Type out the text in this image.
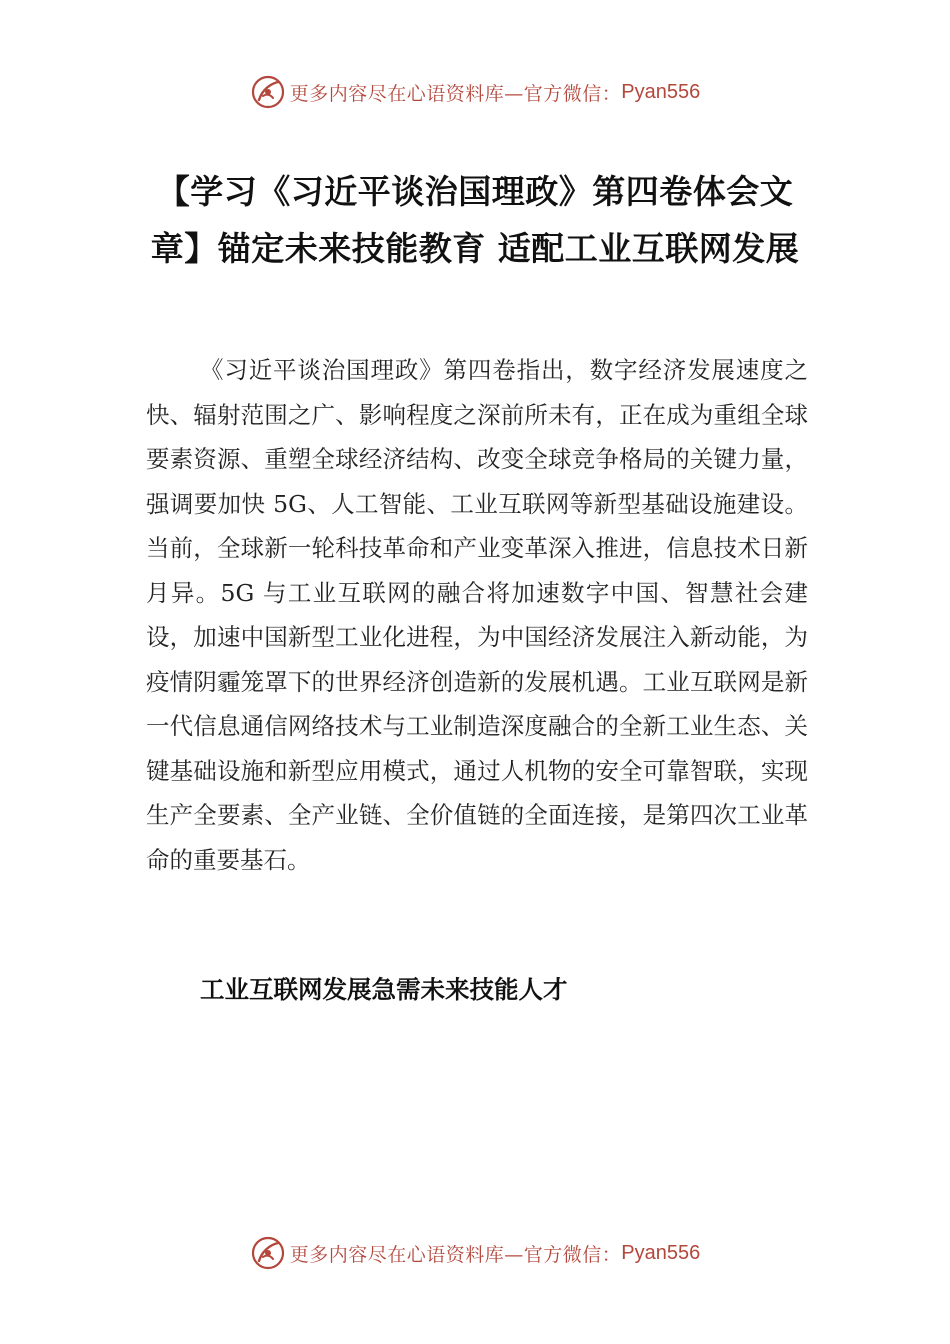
更多内容尽在心语资料库—官方微信： Pyan556
【学习《习近平谈治国理政》第四卷体会文章】锚定未来技能教育 适配工业互联网发展

《习近平谈治国理政》第四卷指出，数字经济发展速度之快、辐射范围之广、影响程度之深前所未有，正在成为重组全球要素资源、重塑全球经济结构、改变全球竞争格局的关键力量，强调要加快 5G、人工智能、工业互联网等新型基础设施建设。当前，全球新一轮科技革命和产业变革深入推进，信息技术日新月异。5G 与工业互联网的融合将加速数字中国、智慧社会建设，加速中国新型工业化进程，为中国经济发展注入新动能，为疫情阴霾笼罩下的世界经济创造新的发展机遇。工业互联网是新一代信息通信网络技术与工业制造深度融合的全新工业生态、关键基础设施和新型应用模式，通过人机物的安全可靠智联，实现生产全要素、全产业链、全价值链的全面连接，是第四次工业革命的重要基石。

工业互联网发展急需未来技能人才
更多内容尽在心语资料库—官方微信： Pyan556
